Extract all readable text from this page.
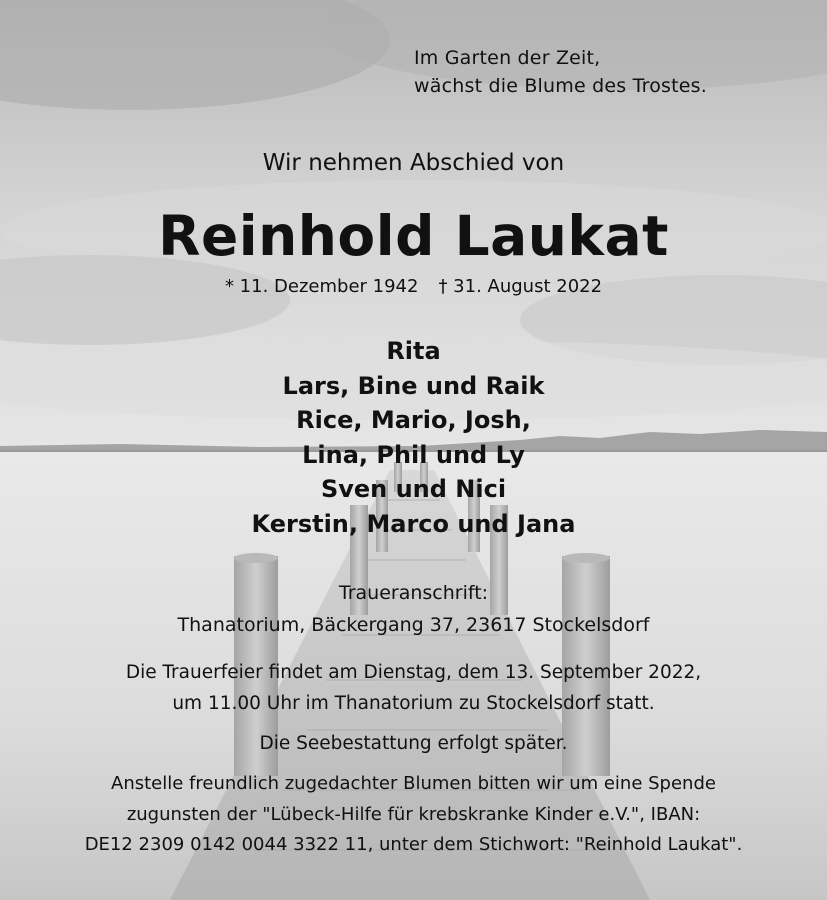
Im Garten der Zeit,
wächst die Blume des Trostes.
Wir nehmen Abschied von
Reinhold Laukat
* 11. Dezember 1942 † 31. August 2022
Rita
Lars, Bine und Raik
Rice, Mario, Josh,
Lina, Phil und Ly
Sven und Nici
Kerstin, Marco und Jana
Traueranschrift:
Thanatorium, Bäckergang 37, 23617 Stockelsdorf
Die Trauerfeier findet am Dienstag, dem 13. September 2022,
um 11.00 Uhr im Thanatorium zu Stockelsdorf statt.
Die Seebestattung erfolgt später.
Anstelle freundlich zugedachter Blumen bitten wir um eine Spende
zugunsten der "Lübeck-Hilfe für krebskranke Kinder e.V.", IBAN:
DE12 2309 0142 0044 3322 11, unter dem Stichwort: "Reinhold Laukat".
